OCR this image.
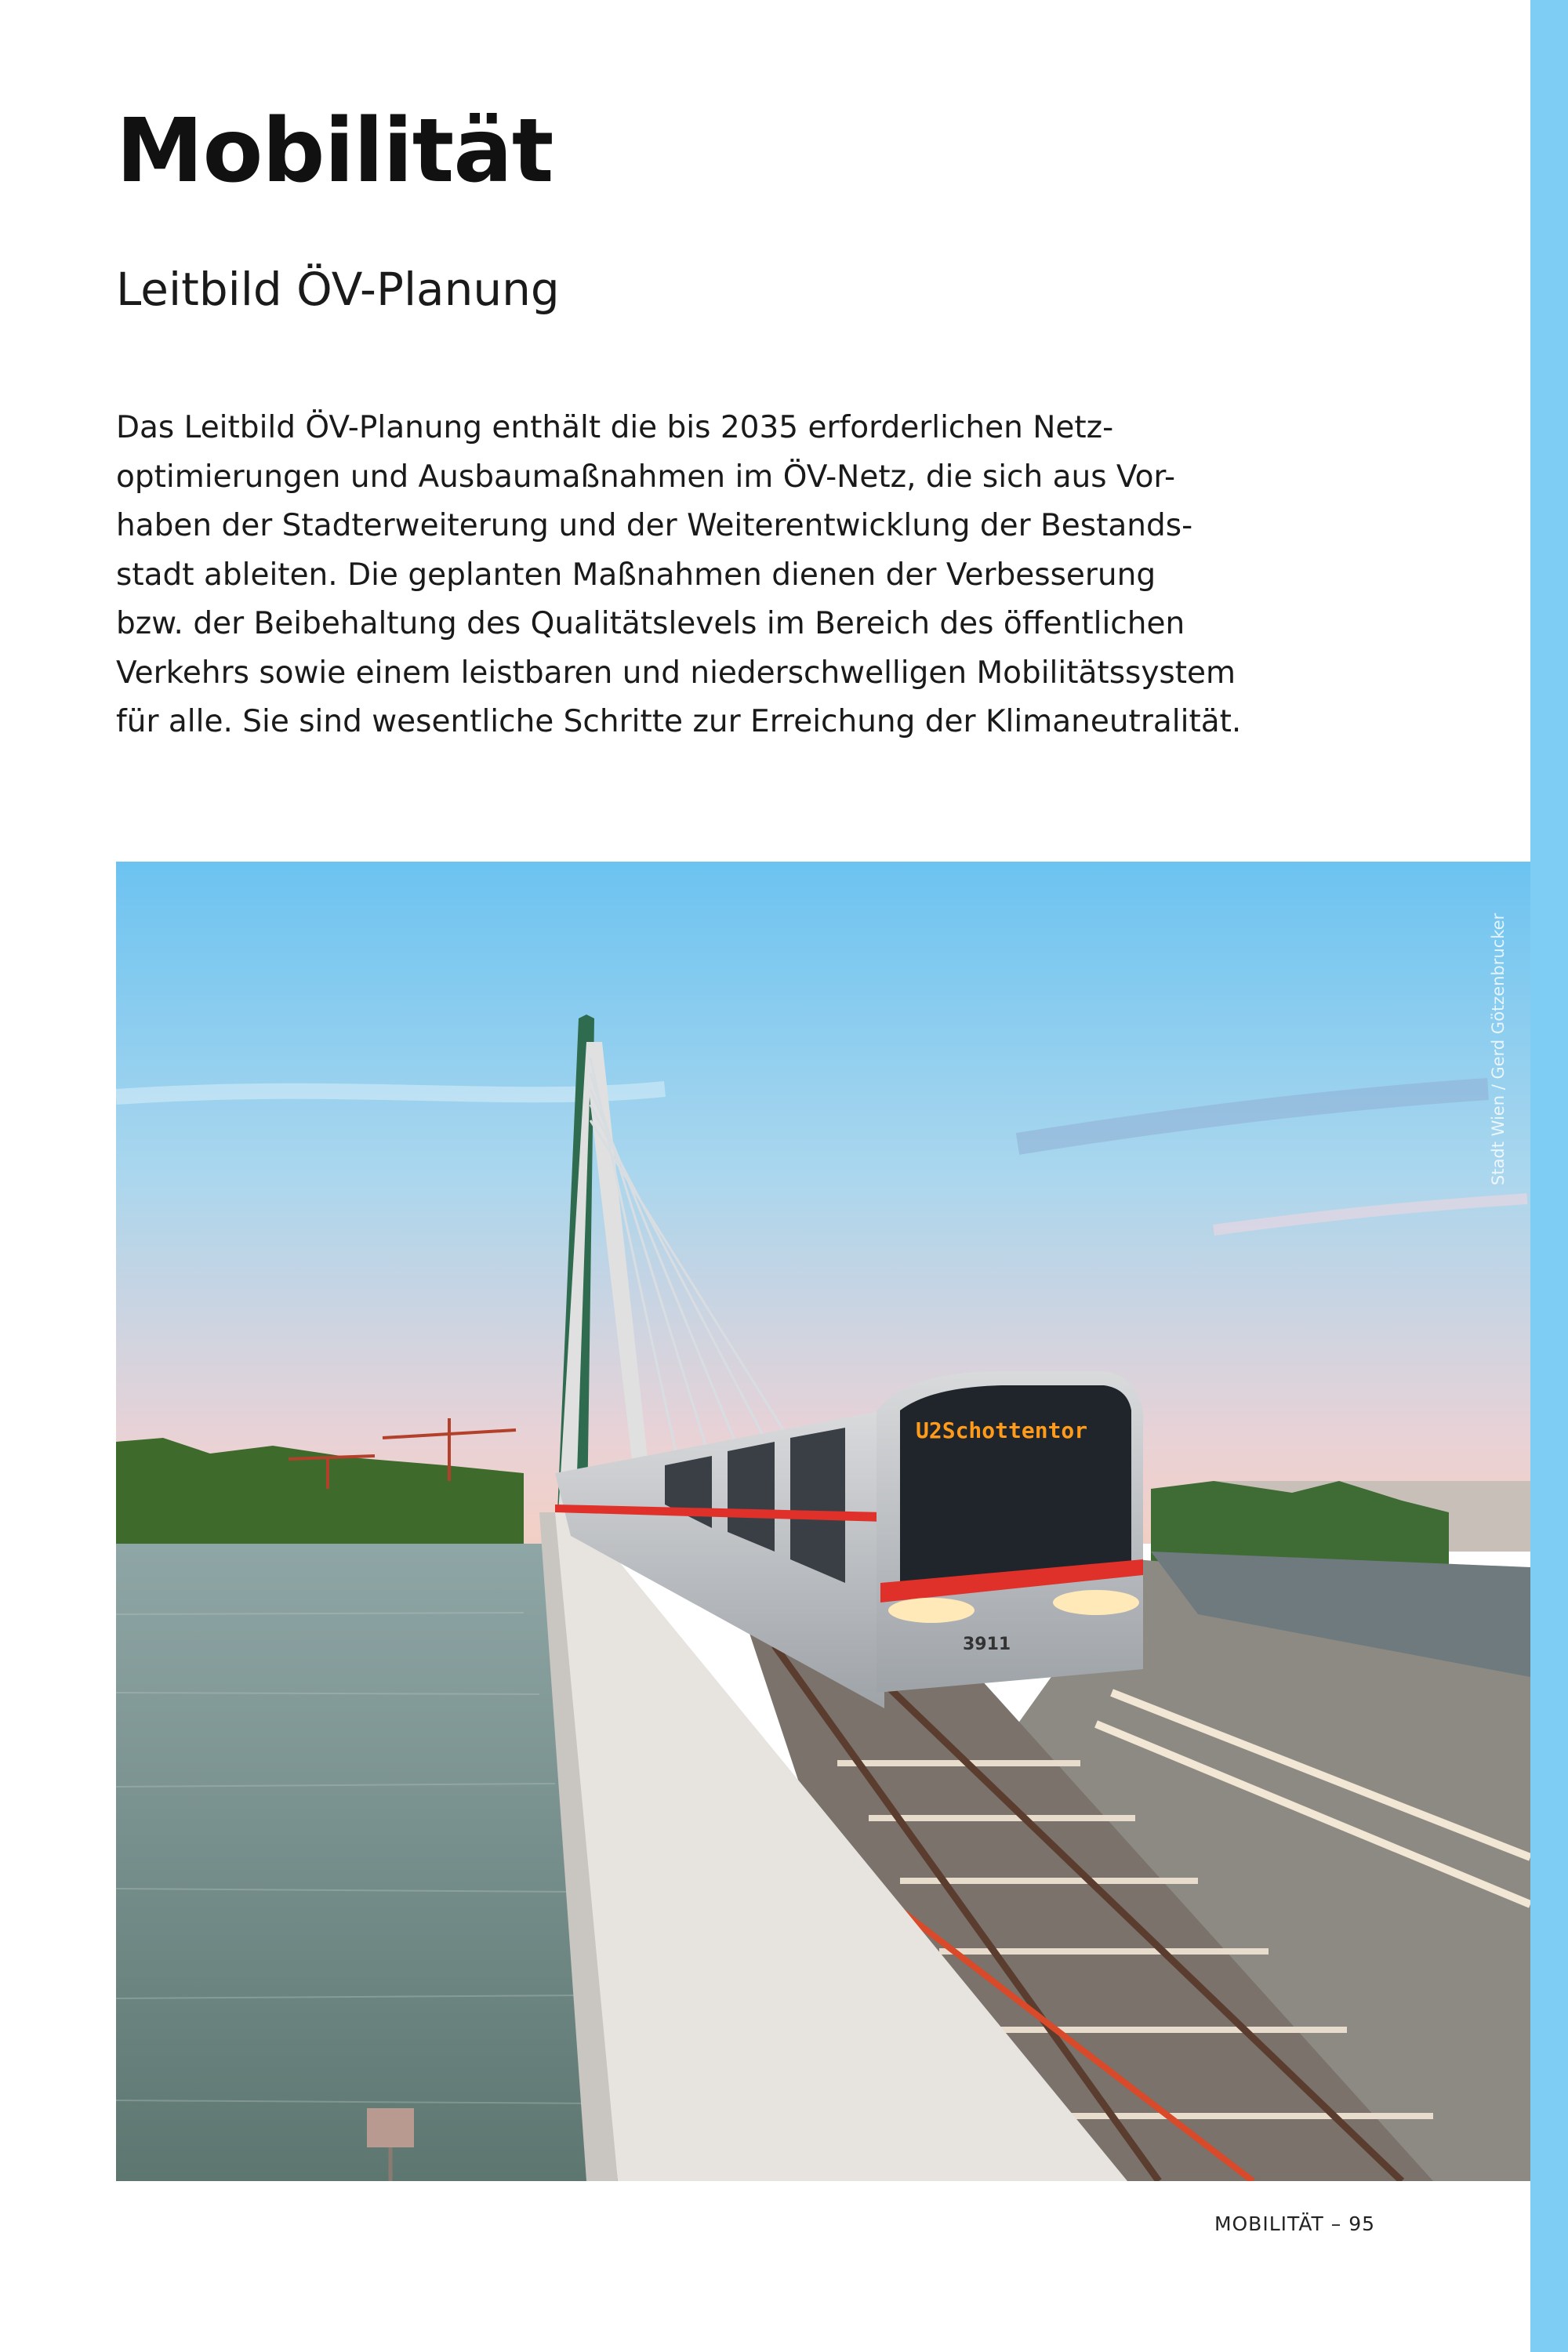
Mobilität
Leitbild ÖV-Planung

Das Leitbild ÖV-Planung enthält die bis 2035 erforderlichen Netz-
optimierungen und Ausbaumaßnahmen im ÖV-Netz, die sich aus Vor-
haben der Stadterweiterung und der Weiterentwicklung der Bestands-
stadt ableiten. Die geplanten Maßnahmen dienen der Verbesserung
bzw. der Beibehaltung des Qualitätslevels im Bereich des öffentlichen
Verkehrs sowie einem leistbaren und niederschwelligen Mobilitätssystem
für alle. Sie sind wesentliche Schritte zur Erreichung der Klimaneutralität.

U2Schottentor
3911
Stadt Wien / Gerd Götzenbrucker
MOBILITÄT – 95
